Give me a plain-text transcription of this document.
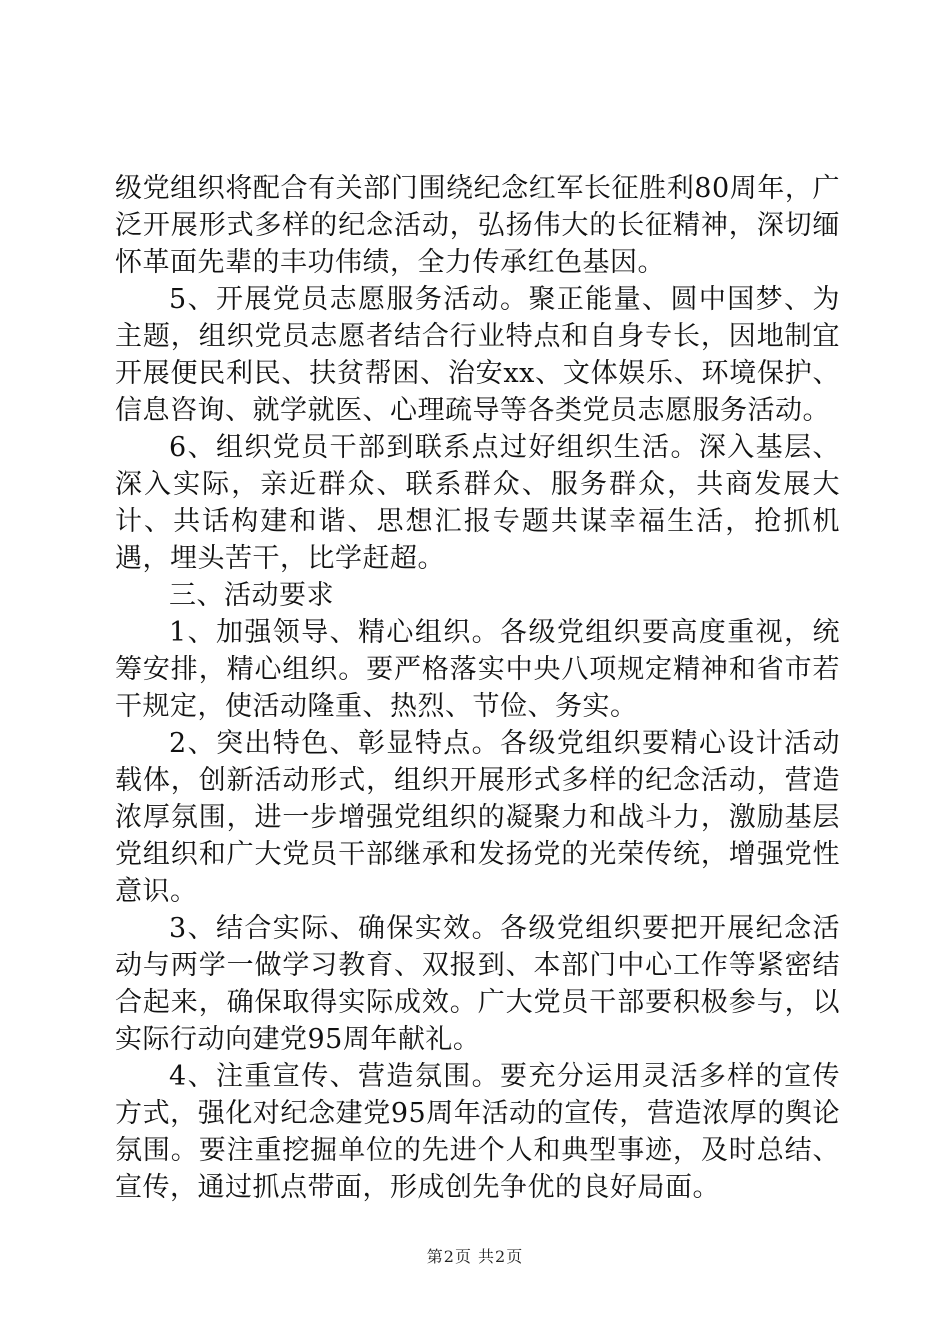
级党组织将配合有关部门围绕纪念红军长征胜利80周年，广泛开展形式多样的纪念活动，弘扬伟大的长征精神，深切缅怀革面先辈的丰功伟绩，全力传承红色基因。

5、开展党员志愿服务活动。聚正能量、圆中国梦、为主题，组织党员志愿者结合行业特点和自身专长，因地制宜开展便民利民、扶贫帮困、治安xx、文体娱乐、环境保护、信息咨询、就学就医、心理疏导等各类党员志愿服务活动。

6、组织党员干部到联系点过好组织生活。深入基层、深入实际，亲近群众、联系群众、服务群众，共商发展大计、共话构建和谐、思想汇报专题共谋幸福生活，抢抓机遇，埋头苦干，比学赶超。

三、活动要求

1、加强领导、精心组织。各级党组织要高度重视，统筹安排，精心组织。要严格落实中央八项规定精神和省市若干规定，使活动隆重、热烈、节俭、务实。

2、突出特色、彰显特点。各级党组织要精心设计活动载体，创新活动形式，组织开展形式多样的纪念活动，营造浓厚氛围，进一步增强党组织的凝聚力和战斗力，激励基层党组织和广大党员干部继承和发扬党的光荣传统，增强党性意识。

3、结合实际、确保实效。各级党组织要把开展纪念活动与两学一做学习教育、双报到、本部门中心工作等紧密结合起来，确保取得实际成效。广大党员干部要积极参与，以实际行动向建党95周年献礼。

4、注重宣传、营造氛围。要充分运用灵活多样的宣传方式，强化对纪念建党95周年活动的宣传，营造浓厚的舆论氛围。要注重挖掘单位的先进个人和典型事迹，及时总结、宣传，通过抓点带面，形成创先争优的良好局面。

第2页 共2页
